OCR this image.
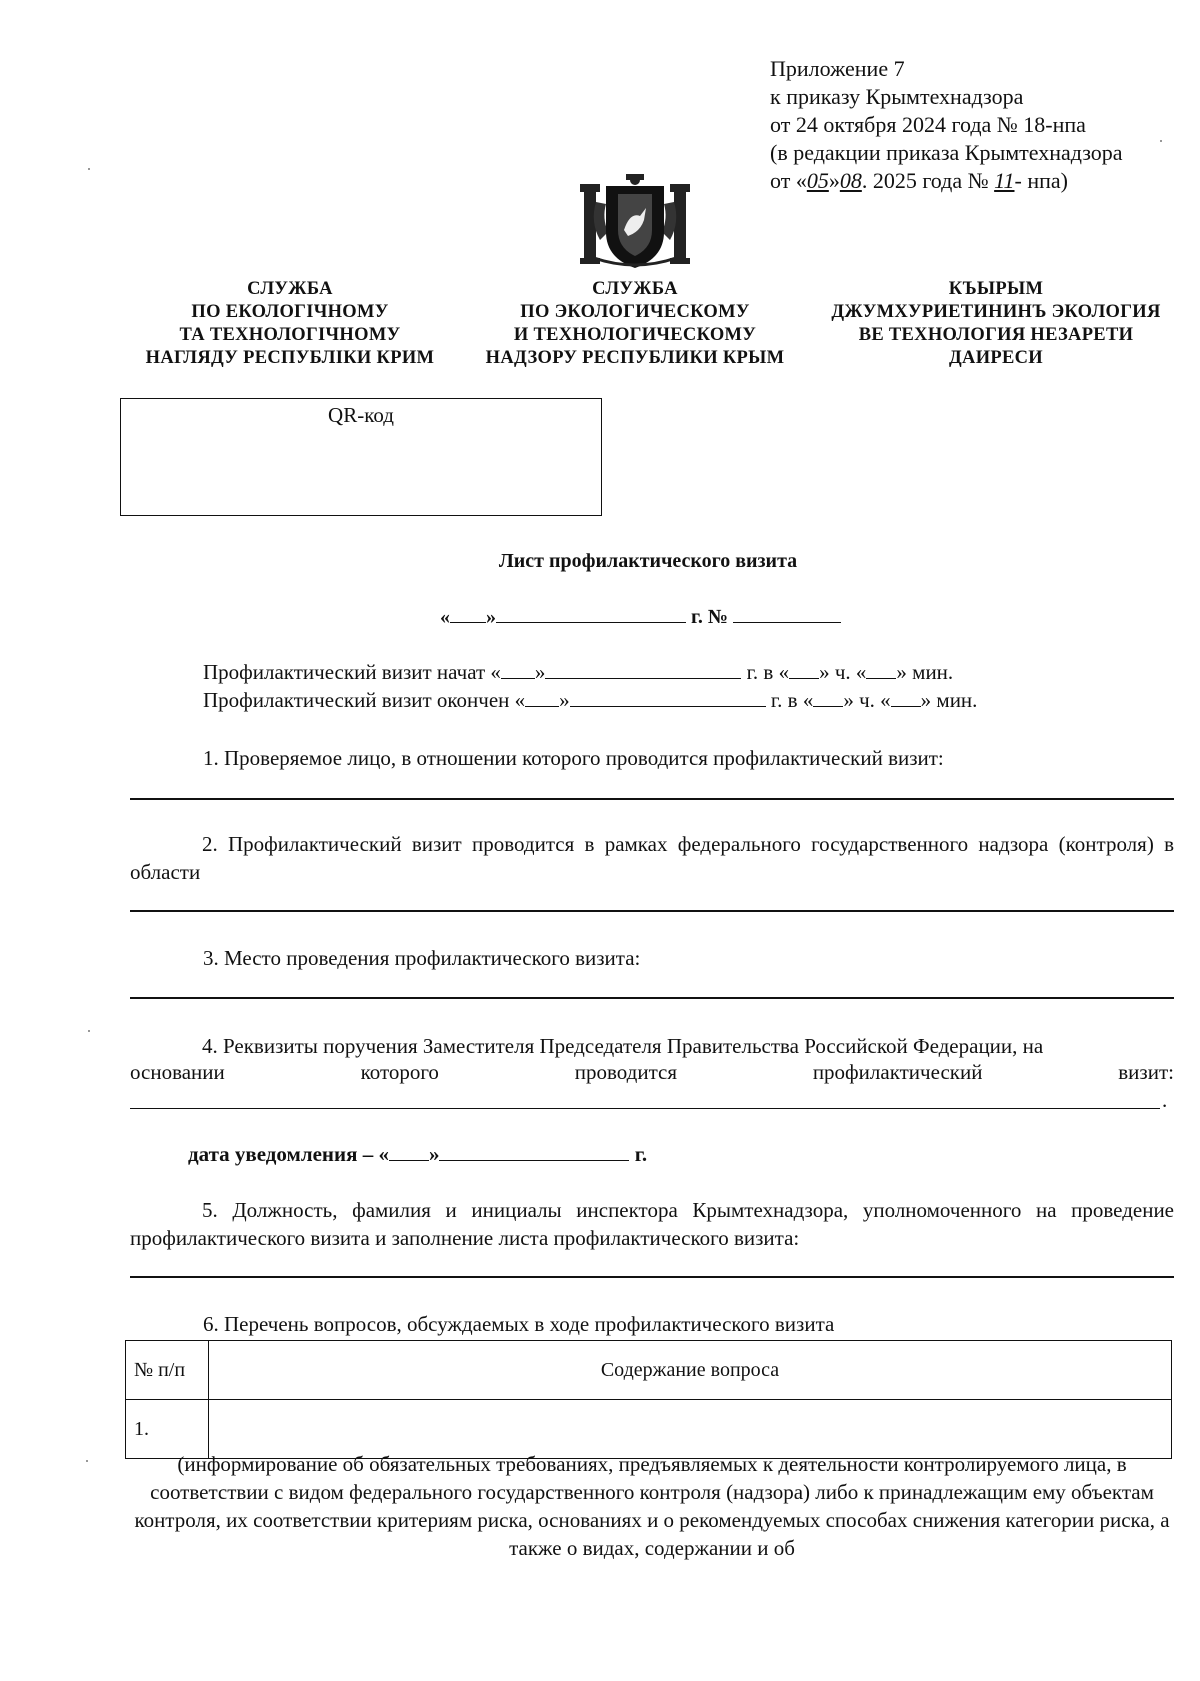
Приложение 7
к приказу Крымтехнадзора
от 24 октября 2024 года № 18-нпа
(в редакции приказа Крымтехнадзора
от «05»08. 2025 года № 11- нпа)
СЛУЖБА
ПО ЕКОЛОГІЧНОМУ
ТА ТЕХНОЛОГІЧНОМУ
НАГЛЯДУ РЕСПУБЛІКИ КРИМ
СЛУЖБА
ПО ЭКОЛОГИЧЕСКОМУ
И ТЕХНОЛОГИЧЕСКОМУ
НАДЗОРУ РЕСПУБЛИКИ КРЫМ
КЪЫРЫМ
ДЖУМХУРИЕТИНИНЪ ЭКОЛОГИЯ
ВЕ ТЕХНОЛОГИЯ НЕЗАРЕТИ
ДАИРЕСИ
QR-код
Лист профилактического визита
« »	г. №
Профилактический визит начат « »	г. в « » ч. « » мин.
Профилактический визит окончен « »	г. в « » ч. « » мин.
1. Проверяемое лицо, в отношении которого проводится профилактический визит:
2. Профилактический визит проводится в рамках федерального государственного надзора (контроля) в области
3. Место проведения профилактического визита:
4. Реквизиты поручения Заместителя Председателя Правительства Российской Федерации, на
основании	которого	проводится	профилактический	визит:
.
дата уведомления – « »	г.
5. Должность, фамилия и инициалы инспектора Крымтехнадзора, уполномоченного на проведение профилактического визита и заполнение листа профилактического визита:
6. Перечень вопросов, обсуждаемых в ходе профилактического визита
№ п/п	Содержание вопроса
1.	
(информирование об обязательных требованиях, предъявляемых к деятельности контролируемого лица, в соответствии с видом федерального государственного контроля (надзора) либо к принадлежащим ему объектам контроля, их соответствии критериям риска, основаниях и о рекомендуемых способах снижения категории риска, а также о видах, содержании и об
